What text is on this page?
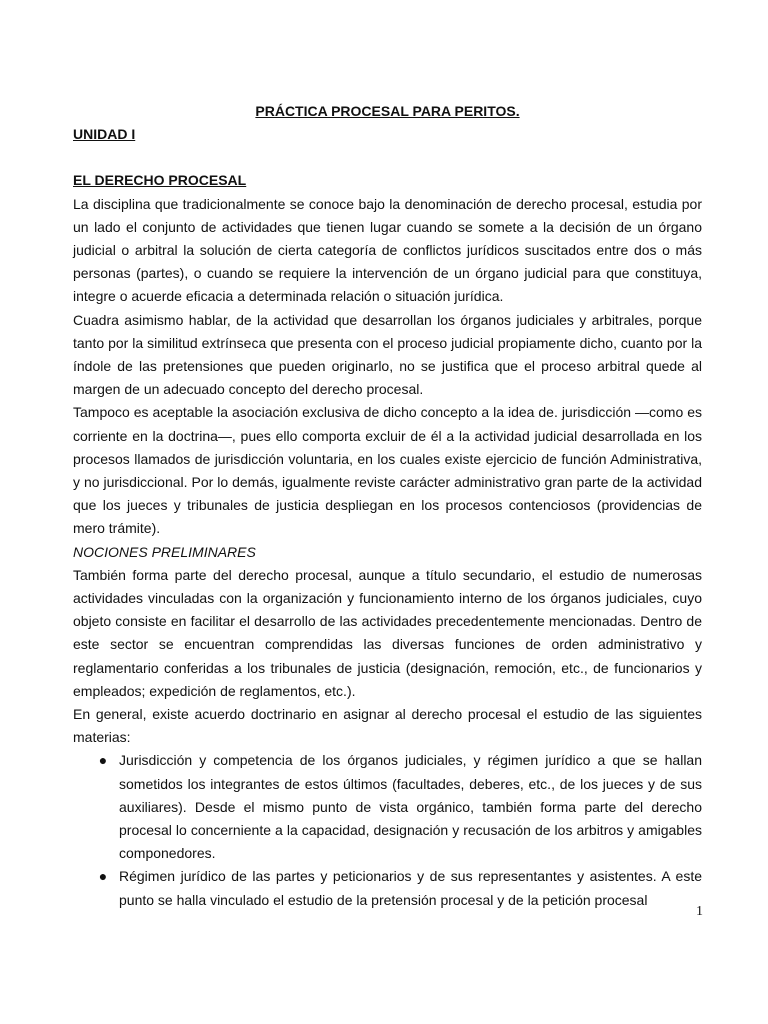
PRÁCTICA PROCESAL PARA PERITOS.

UNIDAD I

EL DERECHO PROCESAL

La disciplina que tradicionalmente se conoce bajo la denominación de derecho procesal, estudia por un lado el conjunto de actividades que tienen lugar cuando se somete a la decisión de un órgano judicial o arbitral la solución de cierta categoría de conflictos jurídicos suscitados entre dos o más personas (partes), o cuando se requiere la intervención de un órgano judicial para que constituya, integre o acuerde eficacia a determinada relación o situación jurídica.

Cuadra asimismo hablar, de la actividad que desarrollan los órganos judiciales y arbitrales, porque tanto por la similitud extrínseca que presenta con el proceso judicial propiamente dicho, cuanto por la índole de las pretensiones que pueden originarlo, no se justifica que el proceso arbitral quede al margen de un adecuado concepto del derecho procesal.

Tampoco es aceptable la asociación exclusiva de dicho concepto a la idea de. jurisdicción —como es corriente en la doctrina—, pues ello comporta excluir de él a la actividad judicial desarrollada en los procesos llamados de jurisdicción voluntaria, en los cuales existe ejercicio de función Administrativa, y no jurisdiccional. Por lo demás, igualmente reviste carácter administrativo gran parte de la actividad que los jueces y tribunales de justicia despliegan en los procesos contenciosos (providencias de mero trámite).

NOCIONES PRELIMINARES

También forma parte del derecho procesal, aunque a título secundario, el estudio de numerosas actividades vinculadas con la organización y funcionamiento interno de los órganos judiciales, cuyo objeto consiste en facilitar el desarrollo de las actividades precedentemente mencionadas. Dentro de este sector se encuentran comprendidas las diversas funciones de orden administrativo y reglamentario conferidas a los tribunales de justicia (designación, remoción, etc., de funcionarios y empleados; expedición de reglamentos, etc.).

En general, existe acuerdo doctrinario en asignar al derecho procesal el estudio de las siguientes materias:

● Jurisdicción y competencia de los órganos judiciales, y régimen jurídico a que se hallan sometidos los integrantes de estos últimos (facultades, deberes, etc., de los jueces y de sus auxiliares). Desde el mismo punto de vista orgánico, también forma parte del derecho procesal lo concerniente a la capacidad, designación y recusación de los arbitros y amigables componedores.
● Régimen jurídico de las partes y peticionarios y de sus representantes y asistentes. A este punto se halla vinculado el estudio de la pretensión procesal y de la petición procesal
1
